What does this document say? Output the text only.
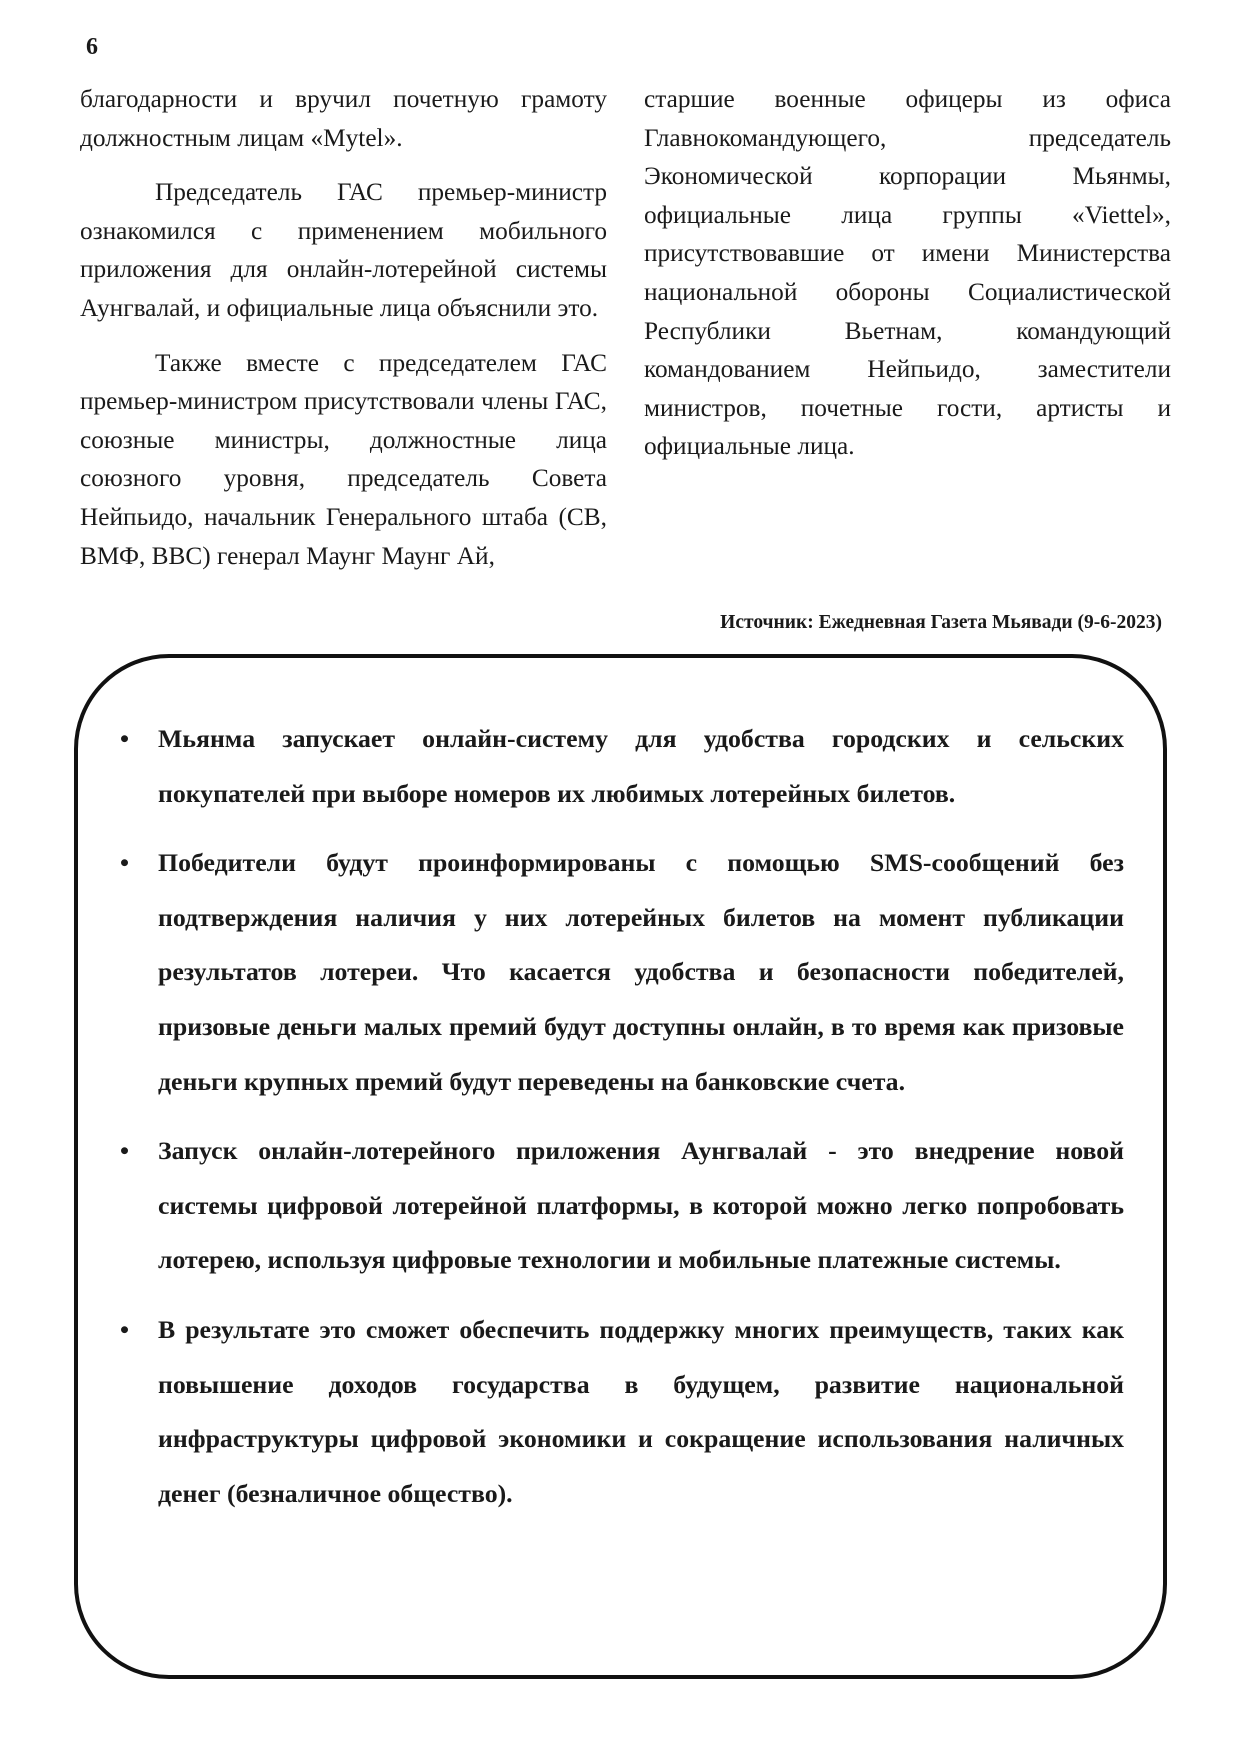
6

благодарности и вручил почетную грамоту должностным лицам «Mytel».

Председатель ГАС премьер-министр ознакомился с применением мобильного приложения для онлайн-лотерейной системы Аунгвалай, и официальные лица объяснили это.

Также вместе с председателем ГАС премьер-министром присутствовали члены ГАС, союзные министры, должностные лица союзного уровня, председатель Совета Нейпьидо, начальник Генерального штаба (СВ, ВМФ, ВВС) генерал Маунг Маунг Ай,

старшие военные офицеры из офиса Главнокомандующего, председатель Экономической корпорации Мьянмы, официальные лица группы «Viettel», присутствовавшие от имени Министерства национальной обороны Социалистической Республики Вьетнам, командующий командованием Нейпьидо, заместители министров, почетные гости, артисты и официальные лица.

Источник: Ежедневная Газета Мьявади (9-6-2023)
• Мьянма запускает онлайн-систему для удобства городских и сельских покупателей при выборе номеров их любимых лотерейных билетов.
• Победители будут проинформированы с помощью SMS-сообщений без подтверждения наличия у них лотерейных билетов на момент публикации результатов лотереи. Что касается удобства и безопасности победителей, призовые деньги малых премий будут доступны онлайн, в то время как призовые деньги крупных премий будут переведены на банковские счета.
• Запуск онлайн-лотерейного приложения Аунгвалай - это внедрение новой системы цифровой лотерейной платформы, в которой можно легко попробовать лотерею, используя цифровые технологии и мобильные платежные системы.
• В результате это сможет обеспечить поддержку многих преимуществ, таких как повышение доходов государства в будущем, развитие национальной инфраструктуры цифровой экономики и сокращение использования наличных денег (безналичное общество).
